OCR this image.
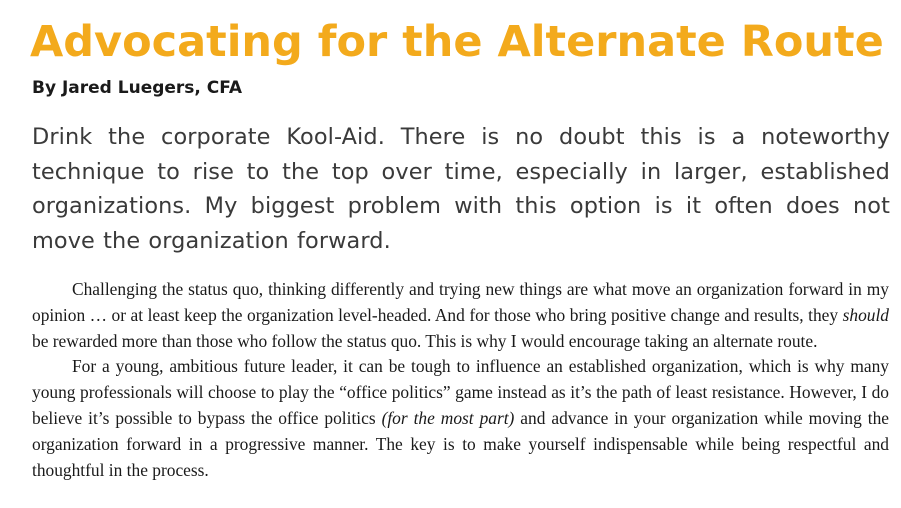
Advocating for the Alternate Route
By Jared Luegers, CFA

Drink the corporate Kool-Aid. There is no doubt this is a noteworthy technique to rise to the top over time, especially in larger, established organizations. My biggest problem with this option is it often does not move the organization forward.

Challenging the status quo, thinking differently and trying new things are what move an organization forward in my opinion … or at least keep the organization level-headed. And for those who bring positive change and results, they should be rewarded more than those who follow the status quo. This is why I would encourage taking an alternate route.

For a young, ambitious future leader, it can be tough to influence an established organization, which is why many young professionals will choose to play the “office politics” game instead as it’s the path of least resistance. However, I do believe it’s possible to bypass the office politics (for the most part) and advance in your organization while moving the organization forward in a progressive manner. The key is to make yourself indispensable while being respectful and thoughtful in the process.
